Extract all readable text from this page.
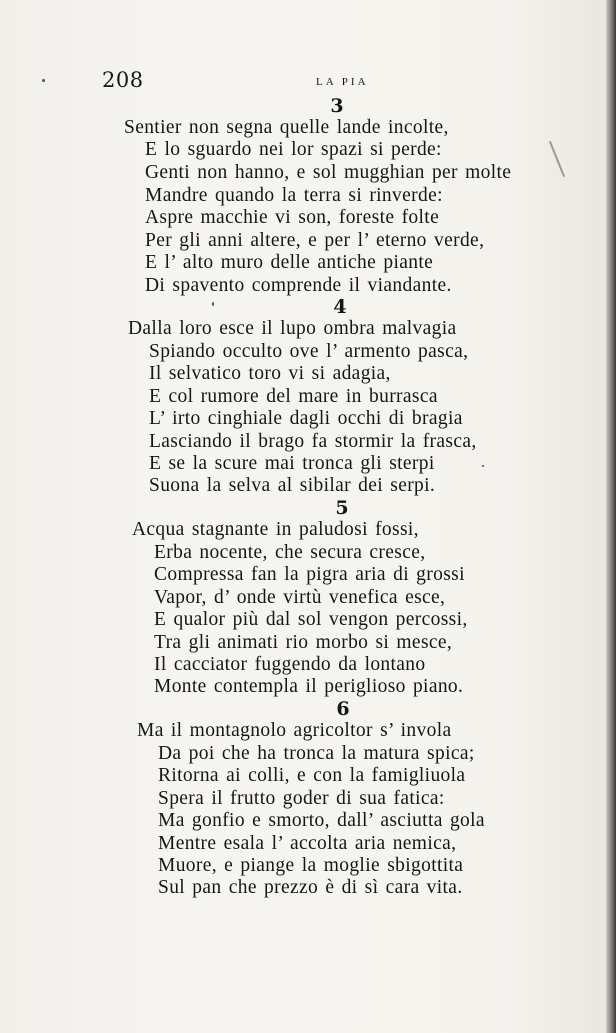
208	LA PIA
3
Sentier non segna quelle lande incolte,
E lo sguardo nei lor spazi si perde:
Genti non hanno, e sol mugghian per molte
Mandre quando la terra si rinverde:
Aspre macchie vi son, foreste folte
Per gli anni altere, e per l’ eterno verde,
E l’ alto muro delle antiche piante
Di spavento comprende il viandante.
4
Dalla loro esce il lupo ombra malvagia
Spiando occulto ove l’ armento pasca,
Il selvatico toro vi si adagia,
E col rumore del mare in burrasca
L’ irto cinghiale dagli occhi di bragia
Lasciando il brago fa stormir la frasca,
E se la scure mai tronca gli sterpi
Suona la selva al sibilar dei serpi.
5
Acqua stagnante in paludosi fossi,
Erba nocente, che secura cresce,
Compressa fan la pigra aria di grossi
Vapor, d’ onde virtù venefica esce,
E qualor più dal sol vengon percossi,
Tra gli animati rio morbo si mesce,
Il cacciator fuggendo da lontano
Monte contempla il periglioso piano.
6
Ma il montagnolo agricoltor s’ invola
Da poi che ha tronca la matura spica;
Ritorna ai colli, e con la famigliuola
Spera il frutto goder di sua fatica:
Ma gonfio e smorto, dall’ asciutta gola
Mentre esala l’ accolta aria nemica,
Muore, e piange la moglie sbigottita
Sul pan che prezzo è di sì cara vita.
